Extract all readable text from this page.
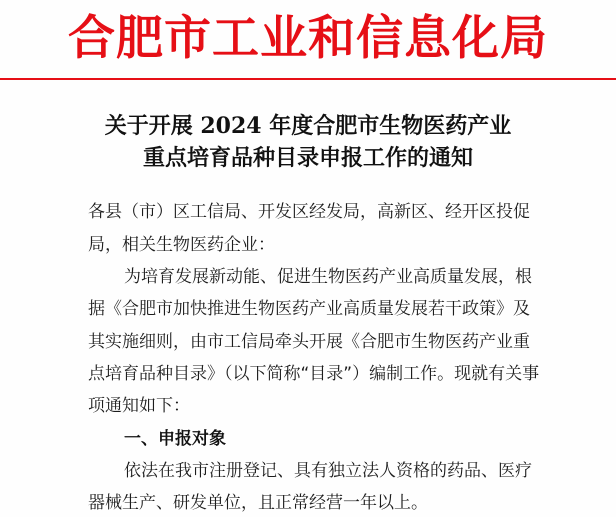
合肥市工业和信息化局
关于开展 2024 年度合肥市生物医药产业
重点培育品种目录申报工作的通知
各县（市）区工信局、开发区经发局，高新区、经开区投促
局，相关生物医药企业：
为培育发展新动能、促进生物医药产业高质量发展，根
据《合肥市加快推进生物医药产业高质量发展若干政策》及
其实施细则，由市工信局牵头开展《合肥市生物医药产业重
点培育品种目录》（以下简称“目录”）编制工作。现就有关事
项通知如下：
一、申报对象
依法在我市注册登记、具有独立法人资格的药品、医疗
器械生产、研发单位，且正常经营一年以上。
